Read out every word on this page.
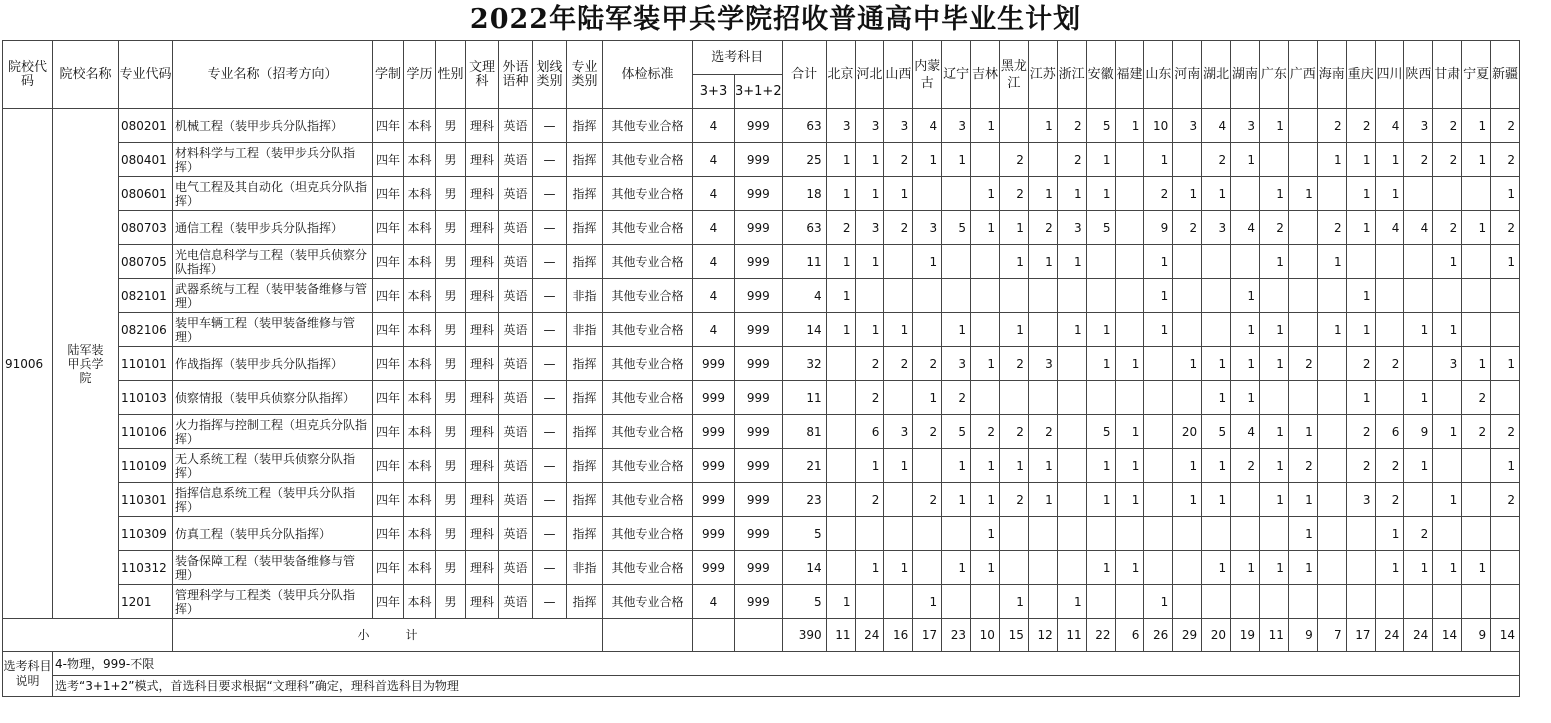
2022年陆军装甲兵学院招收普通高中毕业生计划
院校代码	院校名称	专业代码	专业名称（招考方向）	学制	学历	性别	文理科	外语语种	划线类别	专业类别	体检标准	选考科目		合计	北京	河北	山西	内蒙古	辽宁	吉林	黑龙江	江苏	浙江	安徽	福建	山东	河南	湖北	湖南	广东	广西	海南	重庆	四川	陕西	甘肃	宁夏	新疆
												3+3	3+1+2																									
91006	陆军装甲兵学院	080201	机械工程（装甲步兵分队指挥）	四年	本科	男	理科	英语	—	指挥	其他专业合格	4	999	63	3	3	3	4	3	1		1	2	5	1	10	3	4	3	1		2	2	4	3	2	1	2
		080401	材料科学与工程（装甲步兵分队指挥）	四年	本科	男	理科	英语	—	指挥	其他专业合格	4	999	25	1	1	2	1	1		2		2	1		1		2	1			1	1	1	2	2	1	2
		080601	电气工程及其自动化（坦克兵分队指挥）	四年	本科	男	理科	英语	—	指挥	其他专业合格	4	999	18	1	1	1			1	2	1	1	1		2	1	1		1	1		1	1				1
		080703	通信工程（装甲步兵分队指挥）	四年	本科	男	理科	英语	—	指挥	其他专业合格	4	999	63	2	3	2	3	5	1	1	2	3	5		9	2	3	4	2		2	1	4	4	2	1	2
		080705	光电信息科学与工程（装甲兵侦察分队指挥）	四年	本科	男	理科	英语	—	指挥	其他专业合格	4	999	11	1	1		1			1	1	1			1				1		1				1		1
		082101	武器系统与工程（装甲装备维修与管理）	四年	本科	男	理科	英语	—	非指	其他专业合格	4	999	4	1											1			1				1					
		082106	装甲车辆工程（装甲装备维修与管理）	四年	本科	男	理科	英语	—	非指	其他专业合格	4	999	14	1	1	1		1		1		1	1		1			1	1		1	1		1	1		
		110101	作战指挥（装甲步兵分队指挥）	四年	本科	男	理科	英语	—	指挥	其他专业合格	999	999	32		2	2	2	3	1	2	3		1	1		1	1	1	1	2		2	2		3	1	1
		110103	侦察情报（装甲兵侦察分队指挥）	四年	本科	男	理科	英语	—	指挥	其他专业合格	999	999	11		2		1	2									1	1				1		1		2	
		110106	火力指挥与控制工程（坦克兵分队指挥）	四年	本科	男	理科	英语	—	指挥	其他专业合格	999	999	81		6	3	2	5	2	2	2		5	1		20	5	4	1	1		2	6	9	1	2	2
		110109	无人系统工程（装甲兵侦察分队指挥）	四年	本科	男	理科	英语	—	指挥	其他专业合格	999	999	21		1	1		1	1	1	1		1	1		1	1	2	1	2		2	2	1			1
		110301	指挥信息系统工程（装甲兵分队指挥）	四年	本科	男	理科	英语	—	指挥	其他专业合格	999	999	23		2		2	1	1	2	1		1	1		1	1		1	1		3	2		1		2
		110309	仿真工程（装甲兵分队指挥）	四年	本科	男	理科	英语	—	指挥	其他专业合格	999	999	5						1											1			1	2			
		110312	装备保障工程（装甲装备维修与管理）	四年	本科	男	理科	英语	—	非指	其他专业合格	999	999	14		1	1		1	1				1	1			1	1	1	1			1	1	1	1	
		1201	管理科学与工程类（装甲兵分队指挥）	四年	本科	男	理科	英语	—	指挥	其他专业合格	4	999	5	1			1			1		1			1												
			小　　　计											390	11	24	16	17	23	10	15	12	11	22	6	26	29	20	19	11	9	7	17	24	24	14	9	14
选考科目说明	4-物理，999-不限																																					
	选考“3+1+2”模式，首选科目要求根据“文理科”确定，理科首选科目为物理																																					
